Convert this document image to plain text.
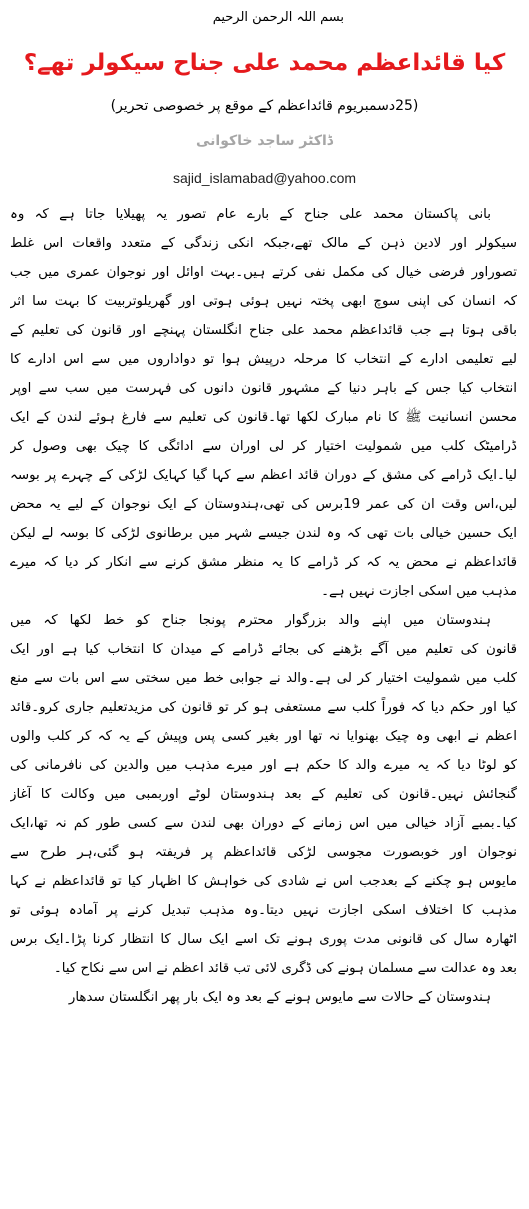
بسم اللہ الرحمن الرحیم
کیا قائداعظم محمد علی جناح سیکولر تھے؟
(25دسمبریوم قائداعظم کے موقع پر خصوصی تحریر)
ڈاکٹر ساجد خاکوانی
sajid_islamabad@yahoo.com
بانی پاکستان محمد علی جناح کے بارے عام تصور یہ پھیلایا جاتا ہے کہ وہ
سیکولر اور لادین ذہن کے مالک تھے،جبکہ انکی زندگی کے متعدد واقعات اس غلط
تصوراور فرضی خیال کی مکمل نفی کرتے ہیں۔بہت اوائل اور نوجوان عمری میں جب
کہ انسان کی اپنی سوچ ابھی پختہ نہیں ہوئی ہوتی اور گھریلوتربیت کا بہت سا اثر
باقی ہوتا ہے جب قائداعظم محمد علی جناح انگلستان پہنچے اور قانون کی تعلیم کے
لیے تعلیمی ادارے کے انتخاب کا مرحلہ درپیش ہوا تو دواداروں میں سے اس ادارے کا
انتخاب کیا جس کے باہر دنیا کے مشہور قانون دانوں کی فہرست میں سب سے اوپر
محسن انسانیت ﷺ کا نام مبارک لکھا تھا۔قانون کی تعلیم سے فارغ ہوئے لندن کے ایک
ڈرامیٹک کلب میں شمولیت اختیار کر لی اوران سے ادائگی کا چیک بھی وصول کر
لیا۔ایک ڈرامے کی مشق کے دوران قائد اعظم سے کہا گیا کہایک لڑکی کے چہرے پر بوسہ
لیں،اس وقت ان کی عمر 19برس کی تھی،ہندوستان کے ایک نوجوان کے لیے یہ محض
ایک حسین خیالی بات تھی کہ وہ لندن جیسے شہر میں برطانوی لڑکی کا بوسہ لے لیکن
قائداعظم نے محض یہ کہ کر ڈرامے کا یہ منظر مشق کرنے سے انکار کر دیا کہ میرے
مذہب میں اسکی اجازت نہیں ہے۔
ہندوستان میں اپنے والد بزرگوار محترم پونجا جناح کو خط لکھا کہ میں
قانون کی تعلیم میں آگے بڑھنے کی بجائے ڈرامے کے میدان کا انتخاب کیا ہے اور ایک
کلب میں شمولیت اختیار کر لی ہے۔والد نے جوابی خط میں سختی سے اس بات سے منع
کیا اور حکم دیا کہ فوراً کلب سے مستعفی ہو کر تو قانون کی مزیدتعلیم جاری کرو۔قائد
اعظم نے ابھی وہ چیک بھنوایا نہ تھا اور بغیر کسی پس وپیش کے یہ کہ کر کلب والوں
کو لوٹا دیا کہ یہ میرے والد کا حکم ہے اور میرے مذہب میں والدین کی نافرمانی کی
گنجائش نہیں۔قانون کی تعلیم کے بعد ہندوستان لوٹے اوربمبی میں وکالت کا آغاز
کیا۔بمبے آزاد خیالی میں اس زمانے کے دوران بھی لندن سے کسی طور کم نہ تھا،ایک
نوجوان اور خوبصورت مجوسی لڑکی قائداعظم پر فریفتہ ہو گئی،ہر طرح سے
مایوس ہو چکنے کے بعدجب اس نے شادی کی خواہش کا اظہار کیا تو قائداعظم نے کہا
مذہب کا اختلاف اسکی اجازت نہیں دیتا۔وہ مذہب تبدیل کرنے پر آمادہ ہوئی تو
اٹھارہ سال کی قانونی مدت پوری ہونے تک اسے ایک سال کا انتظار کرنا پڑا۔ایک برس
بعد وہ عدالت سے مسلمان ہونے کی ڈگری لائی تب قائد اعظم نے اس سے نکاح کیا۔
ہندوستان کے حالات سے مایوس ہونے کے بعد وہ ایک بار پھر انگلستان سدھار
